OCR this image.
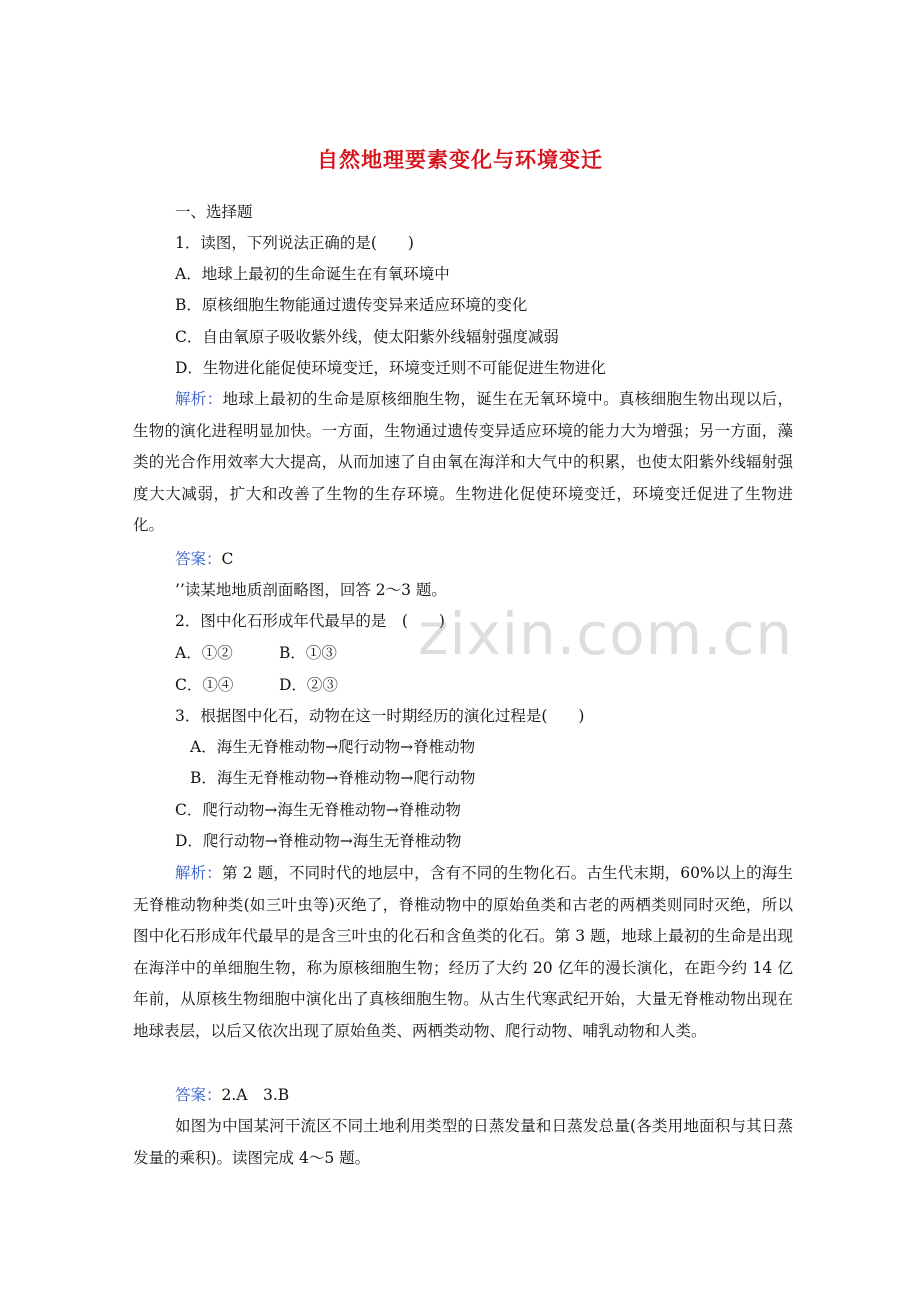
自然地理要素变化与环境变迁
一、选择题
1．读图，下列说法正确的是(　　)
A．地球上最初的生命诞生在有氧环境中
B．原核细胞生物能通过遗传变异来适应环境的变化
C．自由氧原子吸收紫外线，使太阳紫外线辐射强度减弱
D．生物进化能促使环境变迁，环境变迁则不可能促进生物进化
解析：地球上最初的生命是原核细胞生物，诞生在无氧环境中。真核细胞生物出现以后，生物的演化进程明显加快。一方面，生物通过遗传变异适应环境的能力大为增强；另一方面，藻类的光合作用效率大大提高，从而加速了自由氧在海洋和大气中的积累，也使太阳紫外线辐射强度大大减弱，扩大和改善了生物的生存环境。生物进化促使环境变迁，环境变迁促进了生物进化。
答案：C
’’读某地地质剖面略图，回答 2～3 题。
2．图中化石形成年代最早的是　(　　)
A．①②	B．①③
C．①④	D．②③
3．根据图中化石，动物在这一时期经历的演化过程是(　　)
A．海生无脊椎动物→爬行动物→脊椎动物
B．海生无脊椎动物→脊椎动物→爬行动物
C．爬行动物→海生无脊椎动物→脊椎动物
D．爬行动物→脊椎动物→海生无脊椎动物
解析：第 2 题，不同时代的地层中，含有不同的生物化石。古生代末期，60%以上的海生无脊椎动物种类(如三叶虫等)灭绝了，脊椎动物中的原始鱼类和古老的两栖类则同时灭绝，所以图中化石形成年代最早的是含三叶虫的化石和含鱼类的化石。第 3 题，地球上最初的生命是出现在海洋中的单细胞生物，称为原核细胞生物；经历了大约 20 亿年的漫长演化，在距今约 14 亿年前，从原核生物细胞中演化出了真核细胞生物。从古生代寒武纪开始，大量无脊椎动物出现在地球表层，以后又依次出现了原始鱼类、两栖类动物、爬行动物、哺乳动物和人类。
答案：2.A　3.B
如图为中国某河干流区不同土地利用类型的日蒸发量和日蒸发总量(各类用地面积与其日蒸发量的乘积)。读图完成 4～5 题。
zixin.com.cn
